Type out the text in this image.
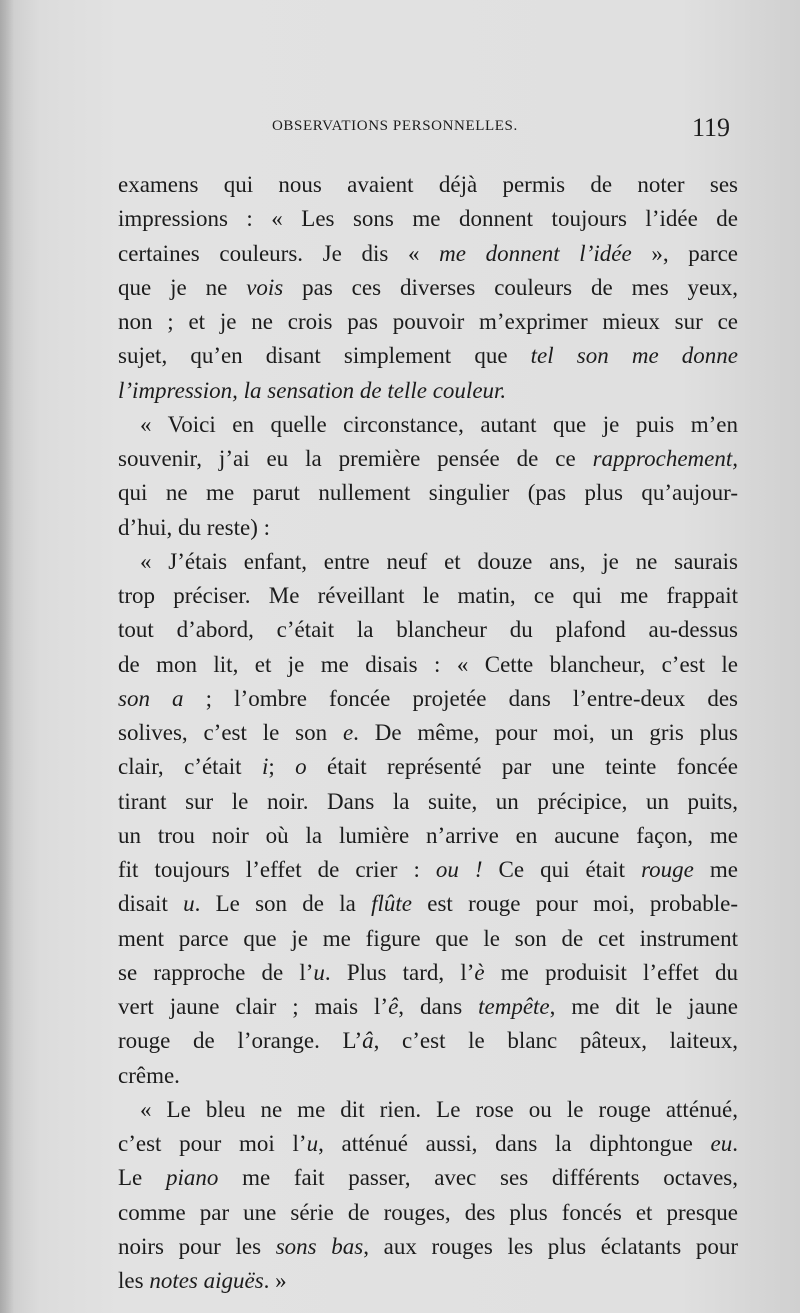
OBSERVATIONS PERSONNELLES.	119
examens qui nous avaient déjà permis de noter ses
impressions : « Les sons me donnent toujours l’idée de
certaines couleurs. Je dis « me donnent l’idée », parce
que je ne vois pas ces diverses couleurs de mes yeux,
non ; et je ne crois pas pouvoir m’exprimer mieux sur ce
sujet, qu’en disant simplement que tel son me donne
l’impression, la sensation de telle couleur.
« Voici en quelle circonstance, autant que je puis m’en
souvenir, j’ai eu la première pensée de ce rapprochement,
qui ne me parut nullement singulier (pas plus qu’aujour-
d’hui, du reste) :
« J’étais enfant, entre neuf et douze ans, je ne saurais
trop préciser. Me réveillant le matin, ce qui me frappait
tout d’abord, c’était la blancheur du plafond au-dessus
de mon lit, et je me disais : « Cette blancheur, c’est le
son a ; l’ombre foncée projetée dans l’entre-deux des
solives, c’est le son e. De même, pour moi, un gris plus
clair, c’était i; o était représenté par une teinte foncée
tirant sur le noir. Dans la suite, un précipice, un puits,
un trou noir où la lumière n’arrive en aucune façon, me
fit toujours l’effet de crier : ou ! Ce qui était rouge me
disait u. Le son de la flûte est rouge pour moi, probable-
ment parce que je me figure que le son de cet instrument
se rapproche de l’u. Plus tard, l’è me produisit l’effet du
vert jaune clair ; mais l’ê, dans tempête, me dit le jaune
rouge de l’orange. L’â, c’est le blanc pâteux, laiteux,
crême.
« Le bleu ne me dit rien. Le rose ou le rouge atténué,
c’est pour moi l’u, atténué aussi, dans la diphtongue eu.
Le piano me fait passer, avec ses différents octaves,
comme par une série de rouges, des plus foncés et presque
noirs pour les sons bas, aux rouges les plus éclatants pour
les notes aiguës. »
